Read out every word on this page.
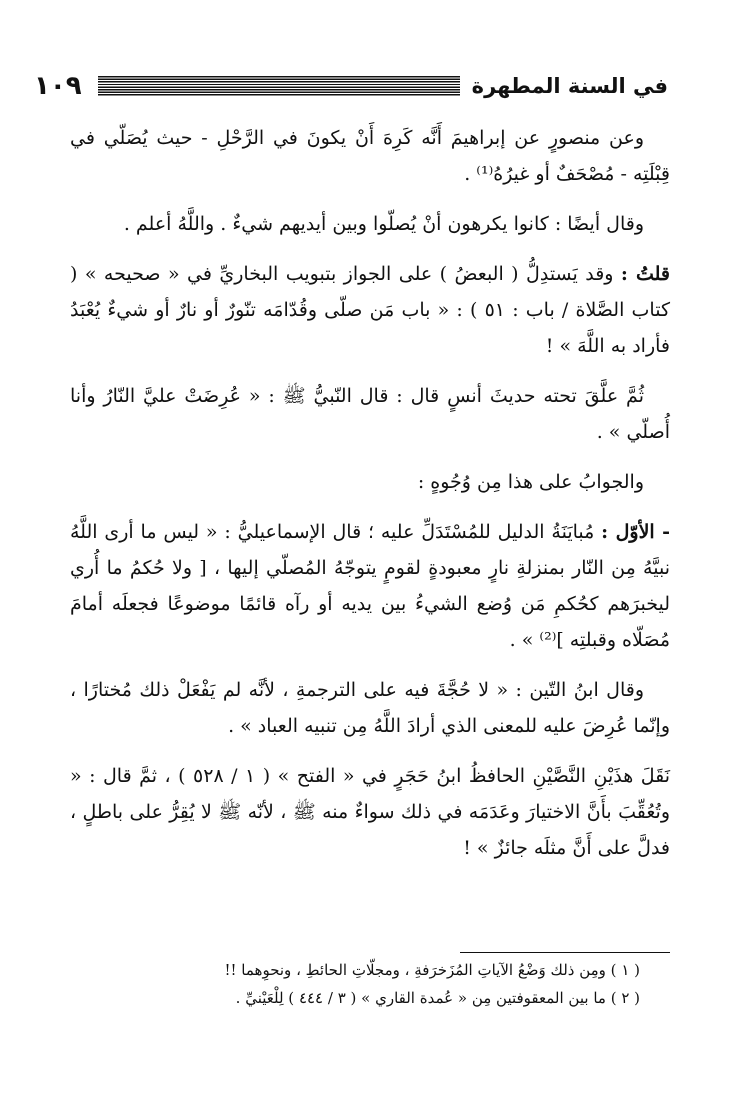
١٠٩	في السنة المطهرة

وعن منصورٍ عن إبراهيمَ أَنَّه كَرِهَ أَنْ يكونَ في الرَّحْلِ - حيث يُصَلّي في قِبْلَتِه - مُصْحَفٌ أو غيرُهُ⁽¹⁾ .

وقال أيضًا : كانوا يكرهون أنْ يُصلّوا وبين أيديهم شيءٌ . واللَّهُ أعلم .

قلتُ : وقد يَستدِلُّ ( البعضُ ) على الجواز بتبويب البخاريِّ في « صحيحه » ( كتاب الصَّلاة / باب : ٥١ ) : « باب مَن صلّى وقُدّامَه تنّورٌ أو نارٌ أو شيءٌ يُعْبَدُ فأراد به اللَّهَ » !

ثُمَّ علَّقَ تحته حديثَ أنسٍ قال : قال النّبيُّ ﷺ : « عُرِضَتْ عليَّ النّارُ وأنا أُصلّي » .

والجوابُ على هذا مِن وُجُوهٍ :

- الأوّل : مُبايَنَةُ الدليل للمُسْتَدَلِّ عليه ؛ قال الإسماعيليُّ : « ليس ما أرى اللَّهُ نبيَّهُ مِن النّار بمنزلةِ نارٍ معبودةٍ لقومٍ يتوجّهُ المُصلّي إليها ، [ ولا حُكمُ ما أُري ليخبرَهم كحُكمِ مَن وُضع الشيءُ بين يديه أو رآه قائمًا موضوعًا فجعلَه أمامَ مُصَلّاه وقبلتِه ]⁽²⁾ » .

وقال ابنُ التّين : « لا حُجَّةَ فيه على الترجمةِ ، لأنَّه لم يَفْعَلْ ذلك مُختارًا ، وإنّما عُرِضَ عليه للمعنى الذي أرادَ اللَّهُ مِن تنبيه العباد » .

نَقَلَ هذَيْنِ النَّصَّيْنِ الحافظُ ابنُ حَجَرٍ في « الفتح » ( ١ / ٥٢٨ ) ، ثمَّ قال : « وتُعُقِّبَ بأَنَّ الاختيارَ وعَدَمَه في ذلك سواءٌ منه ﷺ ، لأنّه ﷺ لا يُقِرُّ على باطلٍ ، فدلَّ على أَنَّ مثلَه جائزٌ » !

( ١ ) ومِن ذلك وَضْعُ الآياتِ المُزَخرَفةِ ، ومجلّاتِ الحائطِ ، ونحوِهما !!

( ٢ ) ما بين المعقوفتين مِن « عُمدة القاري » ( ٣ / ٤٤٤ ) لِلْعَيْنيِّ .
